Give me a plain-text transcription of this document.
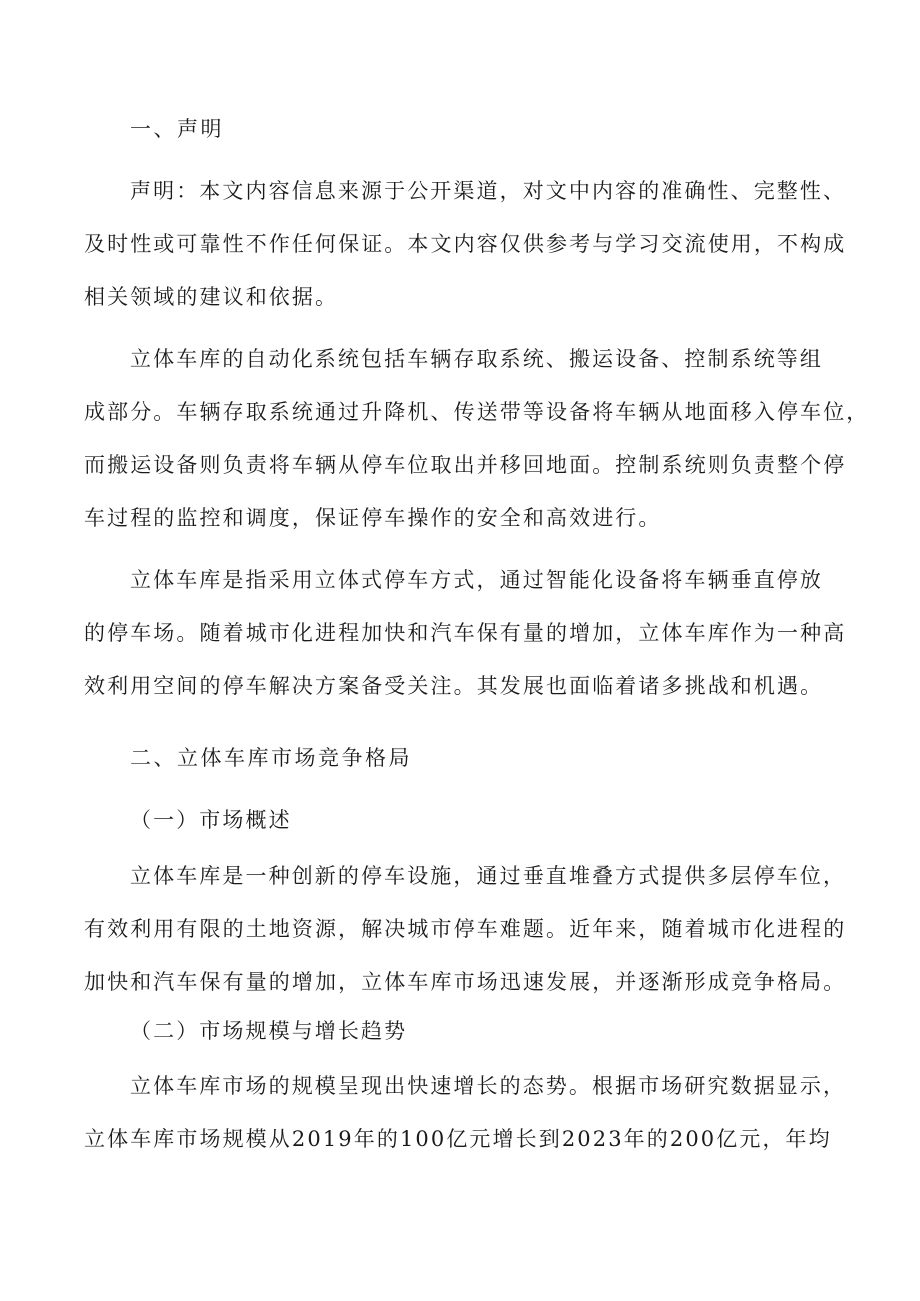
一、声明
声明：本文内容信息来源于公开渠道，对文中内容的准确性、完整性、
及时性或可靠性不作任何保证。本文内容仅供参考与学习交流使用，不构成
相关领域的建议和依据。
立体车库的自动化系统包括车辆存取系统、搬运设备、控制系统等组
成部分。车辆存取系统通过升降机、传送带等设备将车辆从地面移入停车位，
而搬运设备则负责将车辆从停车位取出并移回地面。控制系统则负责整个停
车过程的监控和调度，保证停车操作的安全和高效进行。
立体车库是指采用立体式停车方式，通过智能化设备将车辆垂直停放
的停车场。随着城市化进程加快和汽车保有量的增加，立体车库作为一种高
效利用空间的停车解决方案备受关注。其发展也面临着诸多挑战和机遇。
二、立体车库市场竞争格局
（一）市场概述
立体车库是一种创新的停车设施，通过垂直堆叠方式提供多层停车位，
有效利用有限的土地资源，解决城市停车难题。近年来，随着城市化进程的
加快和汽车保有量的增加，立体车库市场迅速发展，并逐渐形成竞争格局。
（二）市场规模与增长趋势
立体车库市场的规模呈现出快速增长的态势。根据市场研究数据显示，
立体车库市场规模从2019年的100亿元增长到2023年的200亿元，年均
